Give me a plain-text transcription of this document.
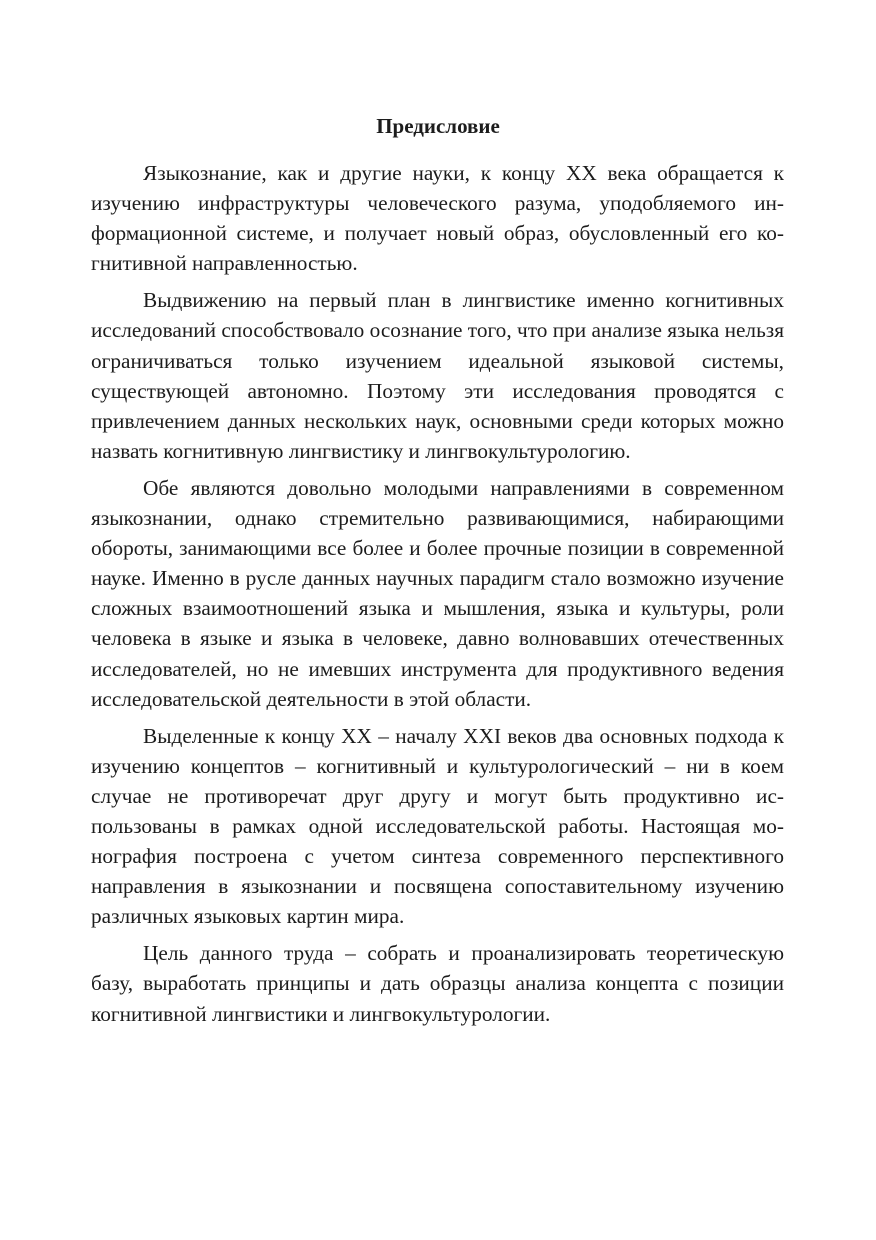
Предисловие

Языкознание, как и другие науки, к концу XX века обращается к изучению инфраструктуры человеческого разума, уподобляемого информационной системе, и получает новый образ, обусловленный его когнитивной направленностью.

Выдвижению на первый план в лингвистике именно когнитивных исследований способствовало осознание того, что при анализе языка нельзя ограничиваться только изучением идеальной языковой системы, существующей автономно. Поэтому эти исследования проводятся с привлечением данных нескольких наук, основными среди которых можно назвать когнитивную лингвистику и лингвокультурологию.

Обе являются довольно молодыми направлениями в современном языкознании, однако стремительно развивающимися, набирающими обороты, занимающими все более и более прочные позиции в современной науке. Именно в русле данных научных парадигм стало возможно изучение сложных взаимоотношений языка и мышления, языка и культуры, роли человека в языке и языка в человеке, давно волновавших отечественных исследователей, но не имевших инструмента для продуктивного ведения исследовательской деятельности в этой области.

Выделенные к концу XX – началу XXI веков два основных подхода к изучению концептов – когнитивный и культурологический – ни в коем случае не противоречат друг другу и могут быть продуктивно использованы в рамках одной исследовательской работы. Настоящая монография построена с учетом синтеза современного перспективного направления в языкознании и посвящена сопоставительному изучению различных языковых картин мира.

Цель данного труда – собрать и проанализировать теоретическую базу, выработать принципы и дать образцы анализа концепта с позиции когнитивной лингвистики и лингвокультурологии.
